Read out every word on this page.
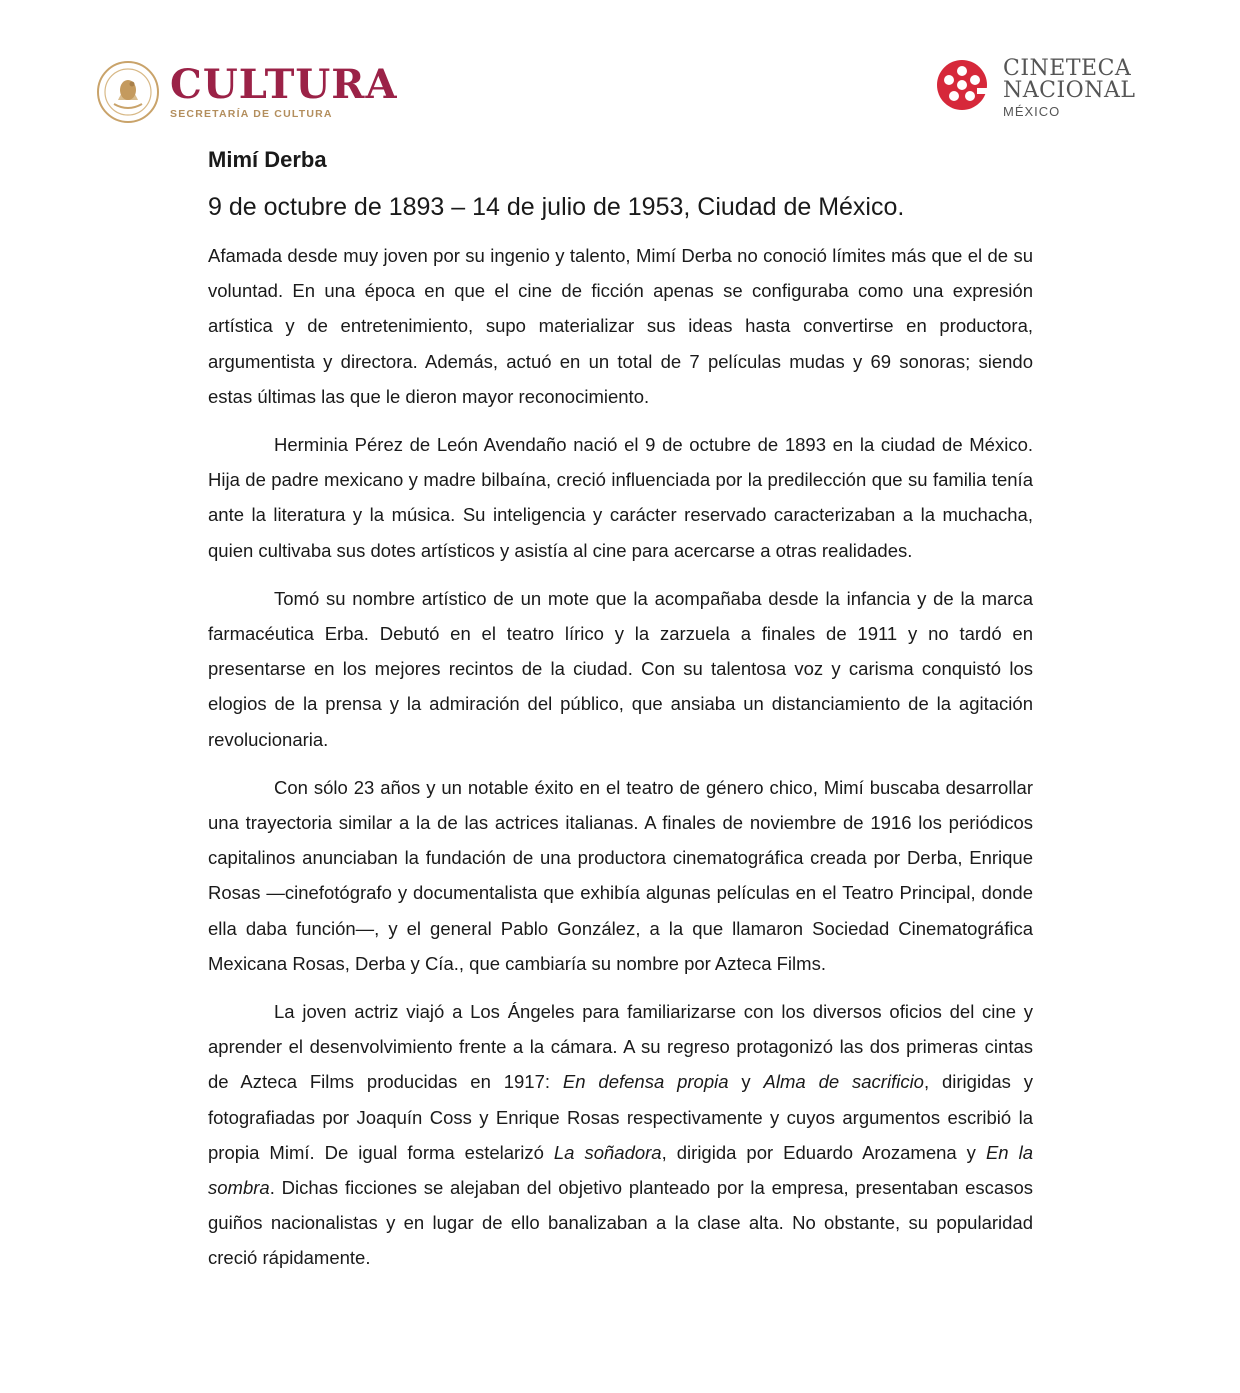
CULTURA
SECRETARÍA DE CULTURA
CINETECA
NACIONAL
MÉXICO
Mimí Derba

9 de octubre de 1893 – 14 de julio de 1953, Ciudad de México.

Afamada desde muy joven por su ingenio y talento, Mimí Derba no conoció límites más que el de su voluntad. En una época en que el cine de ficción apenas se configuraba como una expresión artística y de entretenimiento, supo materializar sus ideas hasta convertirse en productora, argumentista y directora. Además, actuó en un total de 7 películas mudas y 69 sonoras; siendo estas últimas las que le dieron mayor reconocimiento.

Herminia Pérez de León Avendaño nació el 9 de octubre de 1893 en la ciudad de México. Hija de padre mexicano y madre bilbaína, creció influenciada por la predilección que su familia tenía ante la literatura y la música. Su inteligencia y carácter reservado caracterizaban a la muchacha, quien cultivaba sus dotes artísticos y asistía al cine para acercarse a otras realidades.

Tomó su nombre artístico de un mote que la acompañaba desde la infancia y de la marca farmacéutica Erba. Debutó en el teatro lírico y la zarzuela a finales de 1911 y no tardó en presentarse en los mejores recintos de la ciudad. Con su talentosa voz y carisma conquistó los elogios de la prensa y la admiración del público, que ansiaba un distanciamiento de la agitación revolucionaria.

Con sólo 23 años y un notable éxito en el teatro de género chico, Mimí buscaba desarrollar una trayectoria similar a la de las actrices italianas. A finales de noviembre de 1916 los periódicos capitalinos anunciaban la fundación de una productora cinematográfica creada por Derba, Enrique Rosas —cinefotógrafo y documentalista que exhibía algunas películas en el Teatro Principal, donde ella daba función—, y el general Pablo González, a la que llamaron Sociedad Cinematográfica Mexicana Rosas, Derba y Cía., que cambiaría su nombre por Azteca Films.

La joven actriz viajó a Los Ángeles para familiarizarse con los diversos oficios del cine y aprender el desenvolvimiento frente a la cámara. A su regreso protagonizó las dos primeras cintas de Azteca Films producidas en 1917: En defensa propia y Alma de sacrificio, dirigidas y fotografiadas por Joaquín Coss y Enrique Rosas respectivamente y cuyos argumentos escribió la propia Mimí. De igual forma estelarizó La soñadora, dirigida por Eduardo Arozamena y En la sombra. Dichas ficciones se alejaban del objetivo planteado por la empresa, presentaban escasos guiños nacionalistas y en lugar de ello banalizaban a la clase alta. No obstante, su popularidad creció rápidamente.
